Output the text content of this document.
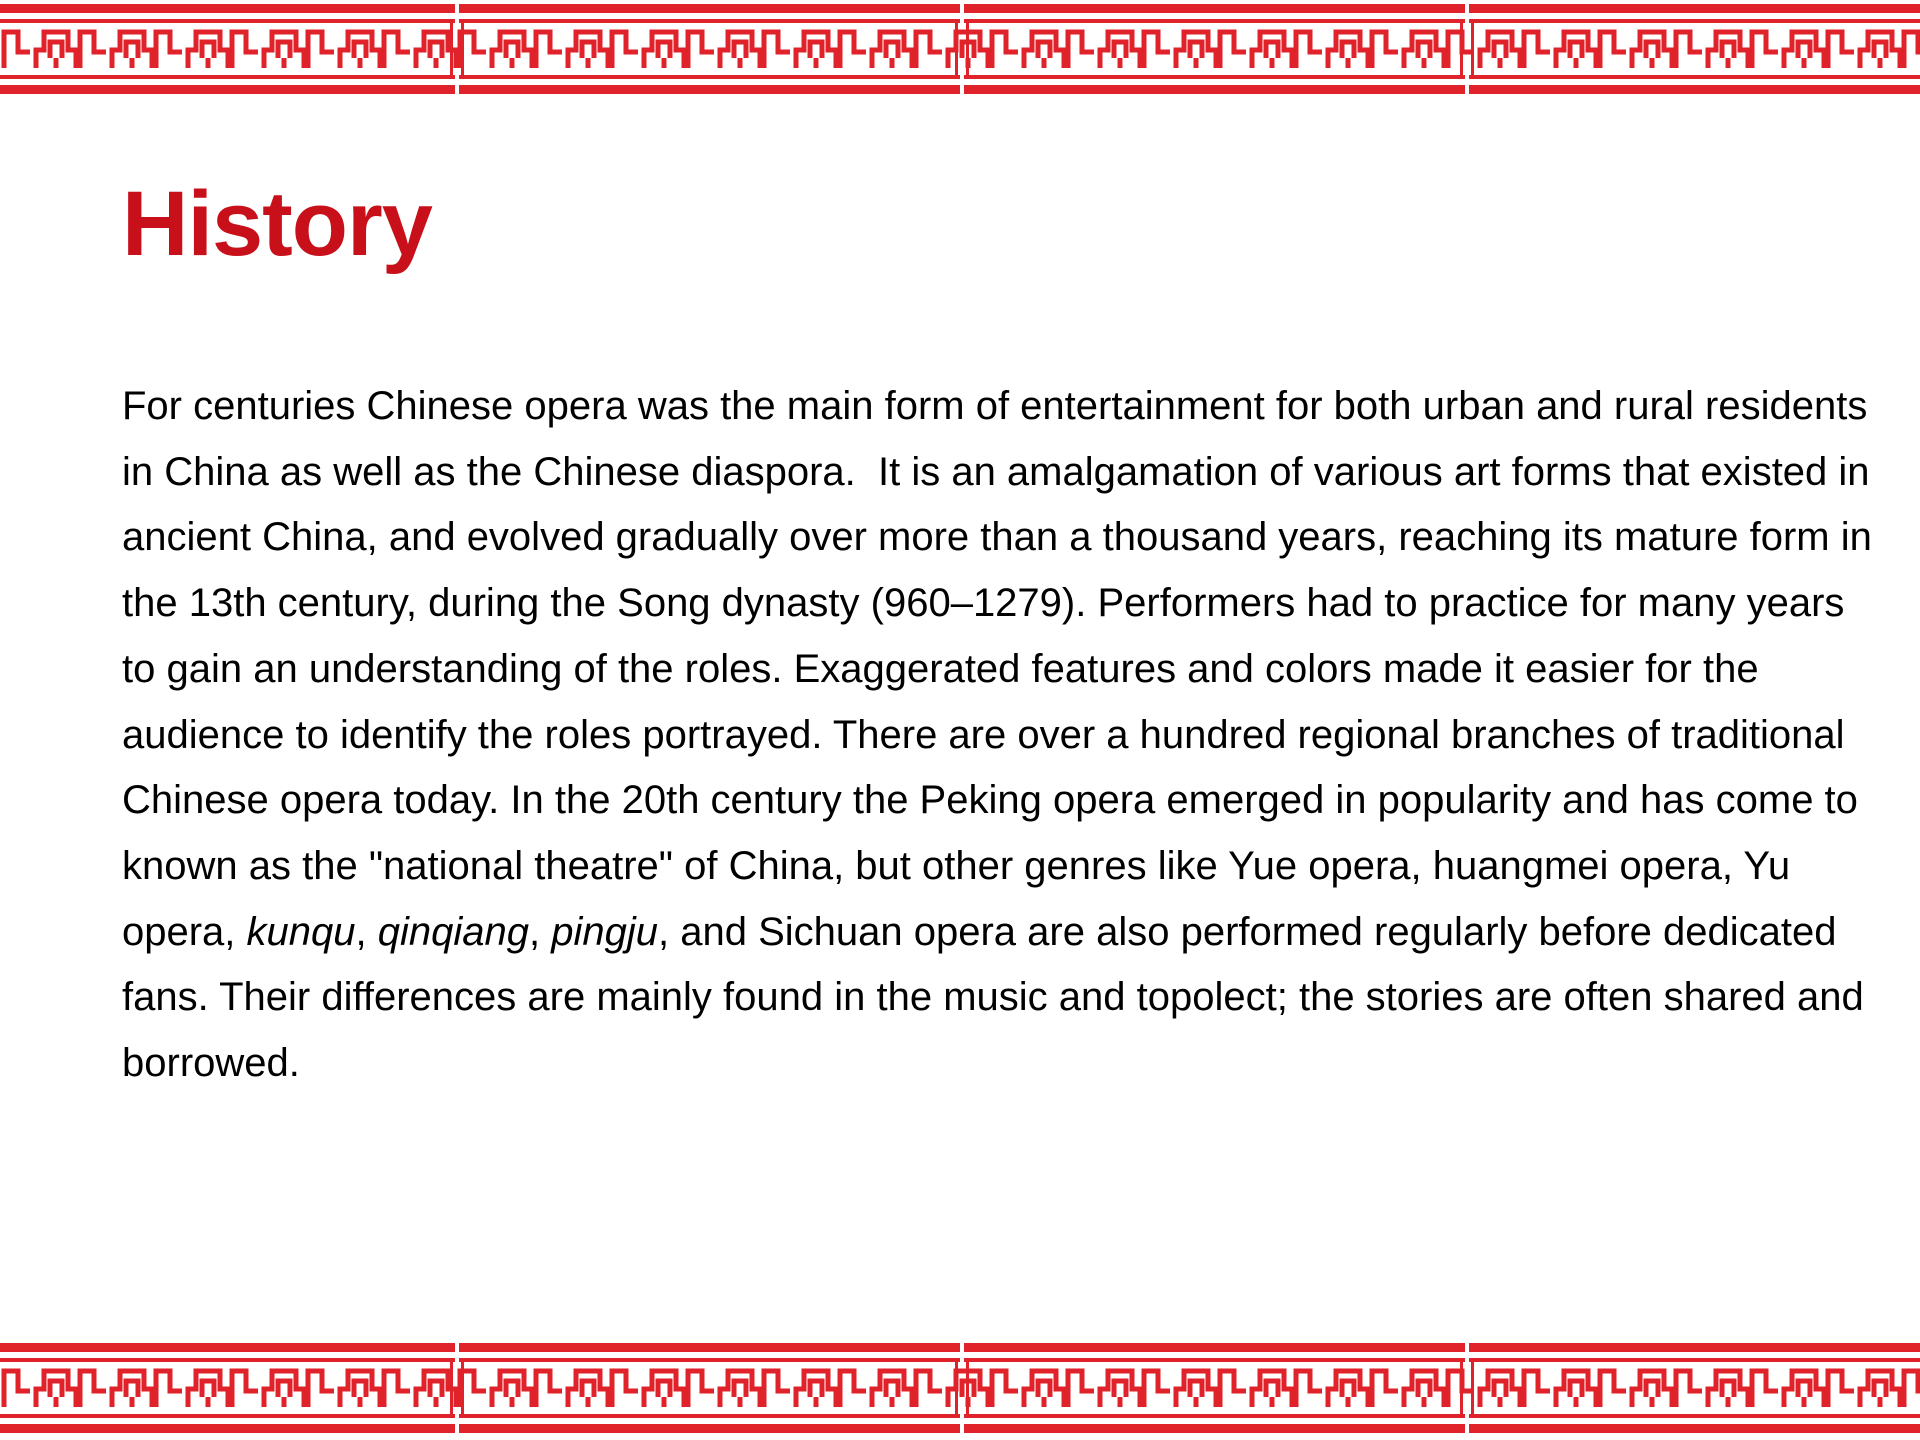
History

For centuries Chinese opera was the main form of entertainment for both urban and rural residents in China as well as the Chinese diaspora.  It is an amalgamation of various art forms that existed in ancient China, and evolved gradually over more than a thousand years, reaching its mature form in the 13th century, during the Song dynasty (960–1279). Performers had to practice for many years to gain an understanding of the roles. Exaggerated features and colors made it easier for the audience to identify the roles portrayed. There are over a hundred regional branches of traditional Chinese opera today. In the 20th century the Peking opera emerged in popularity and has come to known as the "national theatre" of China, but other genres like Yue opera, huangmei opera, Yu opera, kunqu, qinqiang, pingju, and Sichuan opera are also performed regularly before dedicated fans. Their differences are mainly found in the music and topolect; the stories are often shared and borrowed.
